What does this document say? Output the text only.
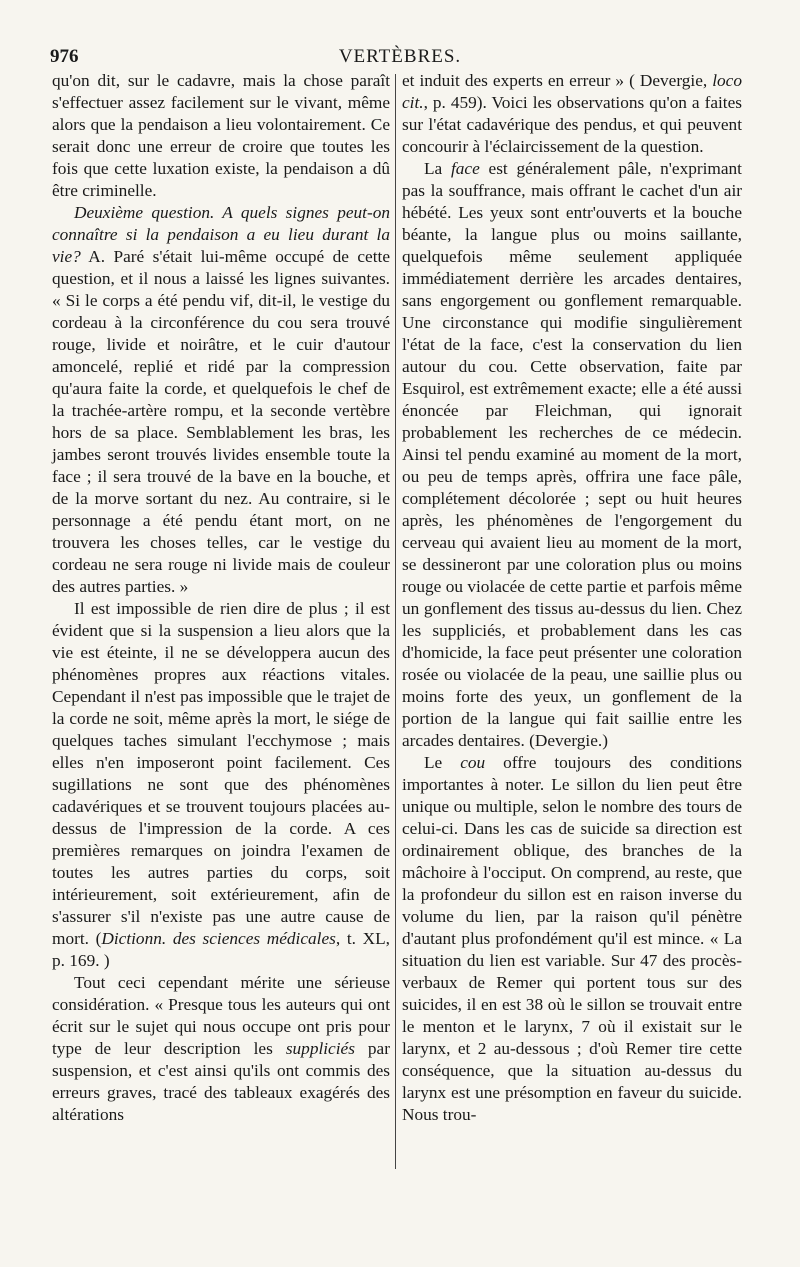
976	VERTÈBRES.

qu'on dit, sur le cadavre, mais la chose paraît s'effectuer assez facilement sur le vivant, même alors que la pendaison a lieu volontairement. Ce serait donc une erreur de croire que toutes les fois que cette luxation existe, la pendaison a dû être criminelle.

Deuxième question. A quels signes peut-on connaître si la pendaison a eu lieu durant la vie? A. Paré s'était lui-même occupé de cette question, et il nous a laissé les lignes suivantes. « Si le corps a été pendu vif, dit-il, le vestige du cordeau à la circonférence du cou sera trouvé rouge, livide et noirâtre, et le cuir d'autour amoncelé, replié et ridé par la compression qu'aura faite la corde, et quelquefois le chef de la trachée-artère rompu, et la seconde vertèbre hors de sa place. Semblablement les bras, les jambes seront trouvés livides ensemble toute la face ; il sera trouvé de la bave en la bouche, et de la morve sortant du nez. Au contraire, si le personnage a été pendu étant mort, on ne trouvera les choses telles, car le vestige du cordeau ne sera rouge ni livide mais de couleur des autres parties. »

Il est impossible de rien dire de plus ; il est évident que si la suspension a lieu alors que la vie est éteinte, il ne se développera aucun des phénomènes propres aux réactions vitales. Cependant il n'est pas impossible que le trajet de la corde ne soit, même après la mort, le siége de quelques taches simulant l'ecchymose ; mais elles n'en imposeront point facilement. Ces sugillations ne sont que des phénomènes cadavériques et se trouvent toujours placées au-dessus de l'impression de la corde. A ces premières remarques on joindra l'examen de toutes les autres parties du corps, soit intérieurement, soit extérieurement, afin de s'assurer s'il n'existe pas une autre cause de mort. (Dictionn. des sciences médicales, t. XL, p. 169. )

Tout ceci cependant mérite une sérieuse considération. « Presque tous les auteurs qui ont écrit sur le sujet qui nous occupe ont pris pour type de leur description les suppliciés par suspension, et c'est ainsi qu'ils ont commis des erreurs graves, tracé des tableaux exagérés des altérations

et induit des experts en erreur » ( Devergie, loco cit., p. 459). Voici les observations qu'on a faites sur l'état cadavérique des pendus, et qui peuvent concourir à l'éclaircissement de la question.

La face est généralement pâle, n'exprimant pas la souffrance, mais offrant le cachet d'un air hébété. Les yeux sont entr'ouverts et la bouche béante, la langue plus ou moins saillante, quelquefois même seulement appliquée immédiatement derrière les arcades dentaires, sans engorgement ou gonflement remarquable. Une circonstance qui modifie singulièrement l'état de la face, c'est la conservation du lien autour du cou. Cette observation, faite par Esquirol, est extrêmement exacte; elle a été aussi énoncée par Fleichman, qui ignorait probablement les recherches de ce médecin. Ainsi tel pendu examiné au moment de la mort, ou peu de temps après, offrira une face pâle, complétement décolorée ; sept ou huit heures après, les phénomènes de l'engorgement du cerveau qui avaient lieu au moment de la mort, se dessineront par une coloration plus ou moins rouge ou violacée de cette partie et parfois même un gonflement des tissus au-dessus du lien. Chez les suppliciés, et probablement dans les cas d'homicide, la face peut présenter une coloration rosée ou violacée de la peau, une saillie plus ou moins forte des yeux, un gonflement de la portion de la langue qui fait saillie entre les arcades dentaires. (Devergie.)

Le cou offre toujours des conditions importantes à noter. Le sillon du lien peut être unique ou multiple, selon le nombre des tours de celui-ci. Dans les cas de suicide sa direction est ordinairement oblique, des branches de la mâchoire à l'occiput. On comprend, au reste, que la profondeur du sillon est en raison inverse du volume du lien, par la raison qu'il pénètre d'autant plus profondément qu'il est mince. « La situation du lien est variable. Sur 47 des procès-verbaux de Remer qui portent tous sur des suicides, il en est 38 où le sillon se trouvait entre le menton et le larynx, 7 où il existait sur le larynx, et 2 au-dessous ; d'où Remer tire cette conséquence, que la situation au-dessus du larynx est une présomption en faveur du suicide. Nous trou-
